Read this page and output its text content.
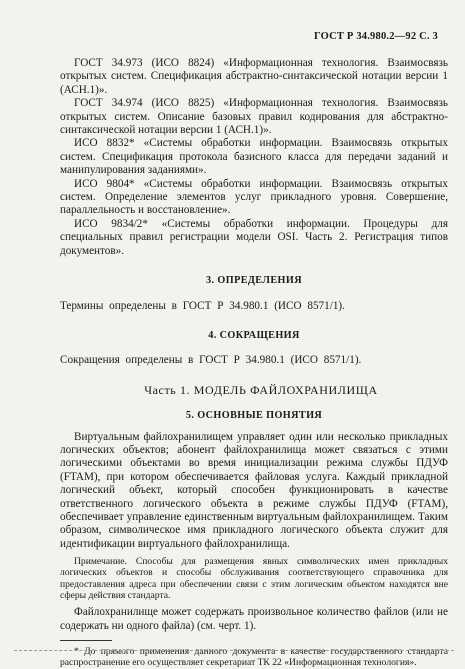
ГОСТ Р 34.980.2—92 С. 3

ГОСТ 34.973 (ИСО 8824) «Информационная технология. Взаимосвязь открытых систем. Спецификация абстрактно-синтаксической нотации версии 1 (АСН.1)».

ГОСТ 34.974 (ИСО 8825) «Информационная технология. Взаимосвязь открытых систем. Описание базовых правил кодирования для абстрактно-синтаксической нотации версии 1 (АСН.1)».

ИСО 8832* «Системы обработки информации. Взаимосвязь открытых систем. Спецификация протокола базисного класса для передачи заданий и манипулирования заданиями».

ИСО 9804* «Системы обработки информации. Взаимосвязь открытых систем. Определение элементов услуг прикладного уровня. Совершение, параллельность и восстановление».

ИСО 9834/2* «Системы обработки информации. Процедуры для специальных правил регистрации модели OSI. Часть 2. Регистрация типов документов».

3. ОПРЕДЕЛЕНИЯ

Термины определены в ГОСТ Р 34.980.1 (ИСО 8571/1).

4. СОКРАЩЕНИЯ

Сокращения определены в ГОСТ Р 34.980.1 (ИСО 8571/1).

Часть 1. МОДЕЛЬ ФАЙЛОХРАНИЛИЩА

5. ОСНОВНЫЕ ПОНЯТИЯ

Виртуальным файлохранилищем управляет один или несколько прикладных логических объектов; абонент файлохранилища может связаться с этими логическими объектами во время инициализации режима службы ПДУФ (FTAM), при котором обеспечивается файловая услуга. Каждый прикладной логический объект, который способен функционировать в качестве ответственного логического объекта в режиме службы ПДУФ (FTAM), обеспечивает управление единственным виртуальным файлохранилищем. Таким образом, символическое имя прикладного логического объекта служит для идентификации виртуального файлохранилища.

Примечание. Способы для размещения явных символических имен прикладных логических объектов и способы обслуживания соответствующего справочника для предоставления адреса при обеспечении связи с этим логическим объектом находятся вне сферы действия стандарта.

Файлохранилище может содержать произвольное количество файлов (или не содержать ни одного файла) (см. черт. 1).

* До прямого применения данного документа в качестве государственного стандарта распространение его осуществляет секретариат ТК 22 «Информационная технология».
